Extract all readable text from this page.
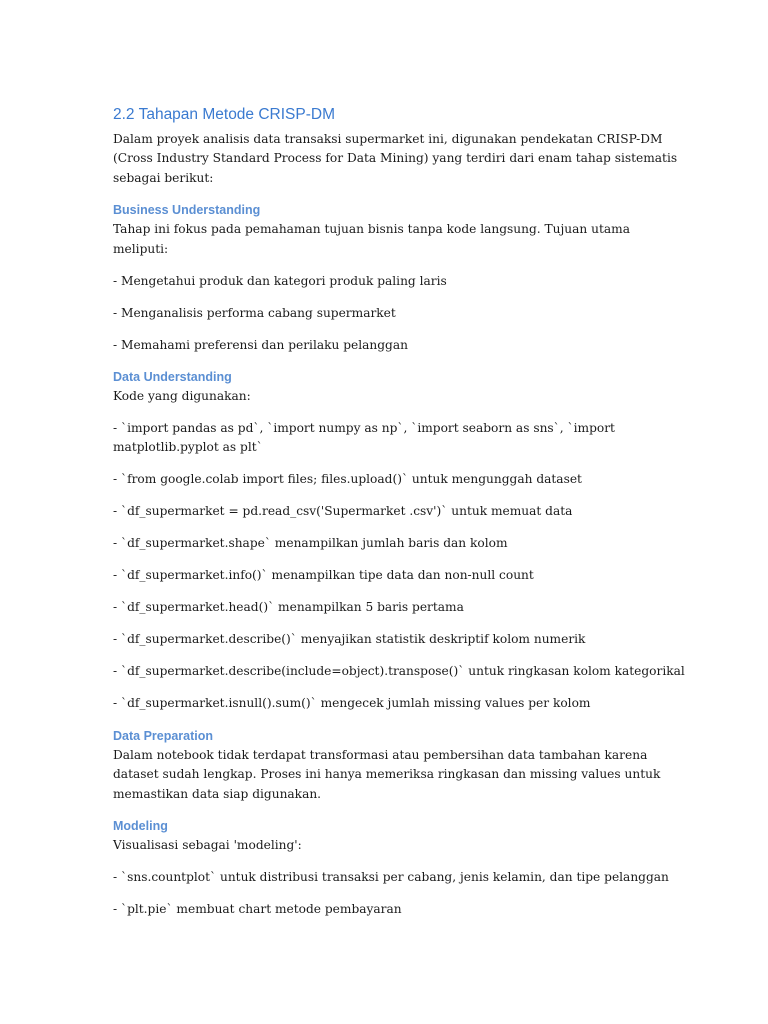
2.2 Tahapan Metode CRISP-DM
Dalam proyek analisis data transaksi supermarket ini, digunakan pendekatan CRISP-DM
(Cross Industry Standard Process for Data Mining) yang terdiri dari enam tahap sistematis
sebagai berikut:
Business Understanding
Tahap ini fokus pada pemahaman tujuan bisnis tanpa kode langsung. Tujuan utama
meliputi:
- Mengetahui produk dan kategori produk paling laris
- Menganalisis performa cabang supermarket
- Memahami preferensi dan perilaku pelanggan
Data Understanding
Kode yang digunakan:
- `import pandas as pd`, `import numpy as np`, `import seaborn as sns`, `import
matplotlib.pyplot as plt`
- `from google.colab import files; files.upload()` untuk mengunggah dataset
- `df_supermarket = pd.read_csv('Supermarket .csv')` untuk memuat data
- `df_supermarket.shape` menampilkan jumlah baris dan kolom
- `df_supermarket.info()` menampilkan tipe data dan non-null count
- `df_supermarket.head()` menampilkan 5 baris pertama
- `df_supermarket.describe()` menyajikan statistik deskriptif kolom numerik
- `df_supermarket.describe(include=object).transpose()` untuk ringkasan kolom kategorikal
- `df_supermarket.isnull().sum()` mengecek jumlah missing values per kolom
Data Preparation
Dalam notebook tidak terdapat transformasi atau pembersihan data tambahan karena
dataset sudah lengkap. Proses ini hanya memeriksa ringkasan dan missing values untuk
memastikan data siap digunakan.
Modeling
Visualisasi sebagai 'modeling':
- `sns.countplot` untuk distribusi transaksi per cabang, jenis kelamin, dan tipe pelanggan
- `plt.pie` membuat chart metode pembayaran
